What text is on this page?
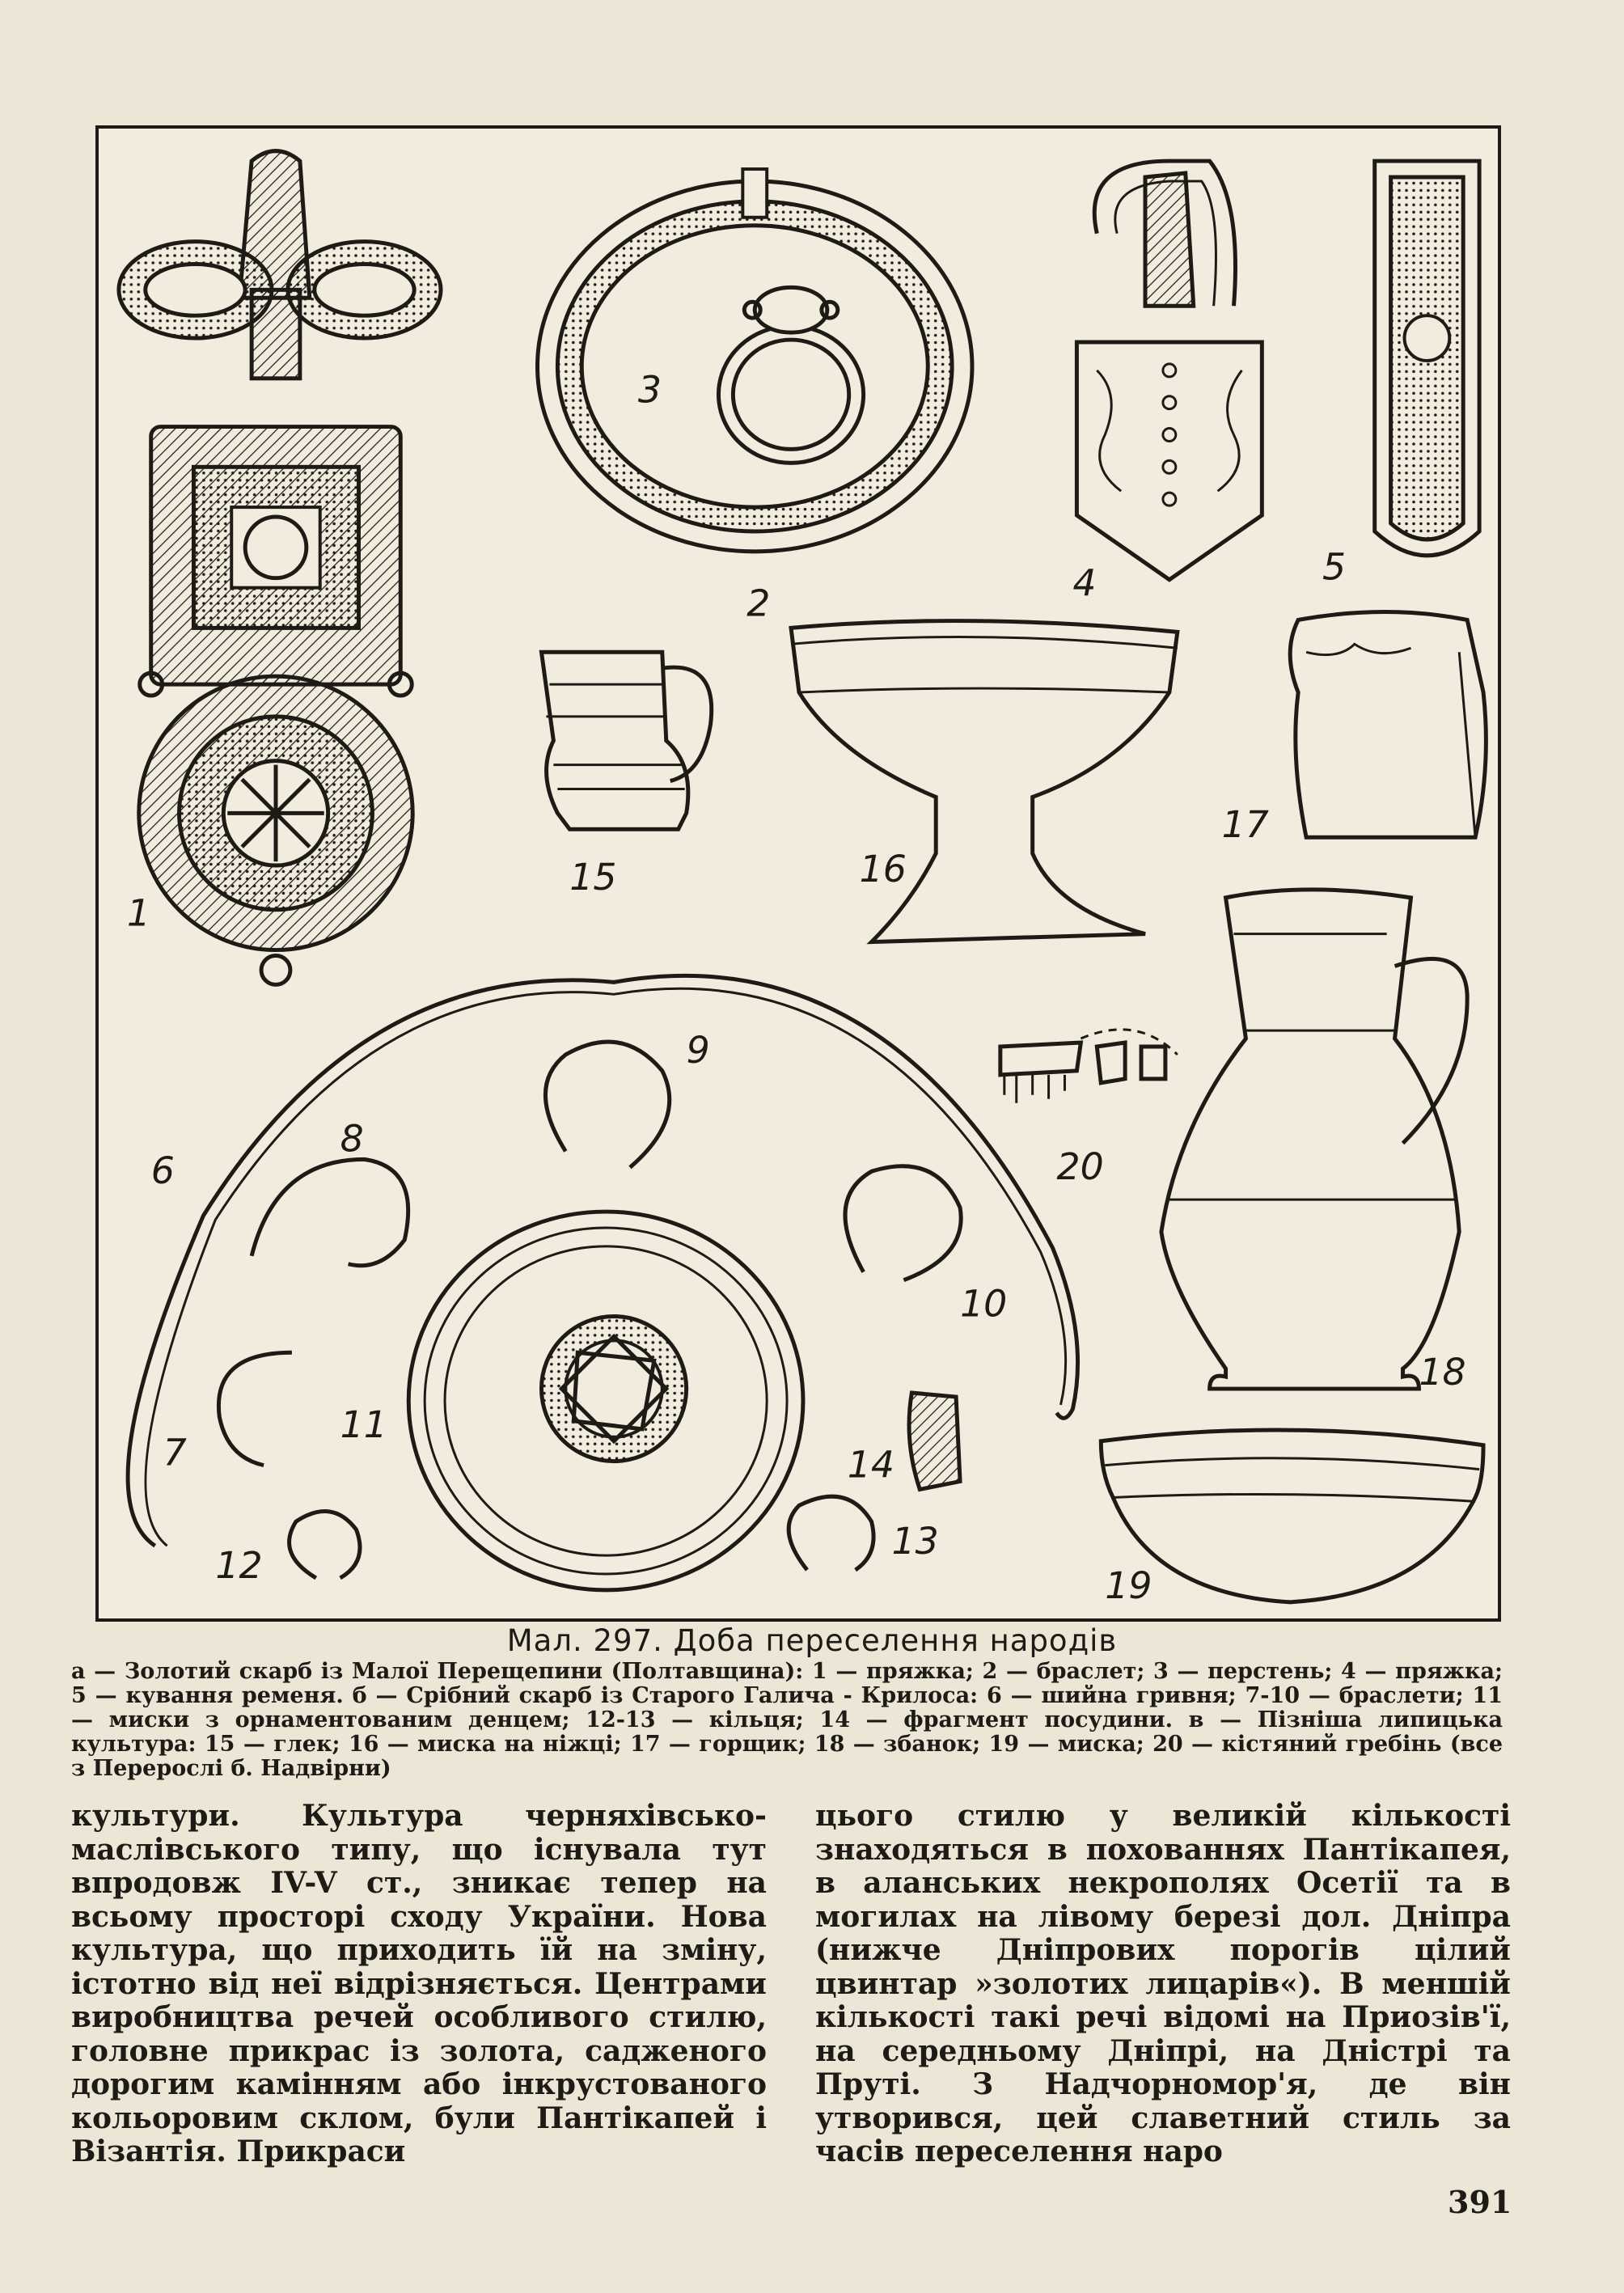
1
2
3
4	5
15	16
17
6
7
8
9
10
11
12
13
14
20
18
19
Мал. 297. Доба переселення народів
а — Золотий скарб із Малої Перещепини (Полтавщина): 1 — пряжка; 2 — браслет; 3 — перстень; 4 — пряжка; 5 — кування ременя. б — Срібний скарб із Старого Галича - Крилоса: 6 — шийна гривня; 7-10 — браслети; 11 — миски з орнаментованим денцем; 12-13 — кільця; 14 — фрагмент посудини. в — Пізніша липицька культура: 15 — глек; 16 — миска на ніжці; 17 — горщик; 18 — збанок; 19 — миска; 20 — кістяний гребінь (все з Перерослі б. Надвірни)
культури. Культура черняхівсько-маслівського типу, що існувала тут впродовж IV-V ст., зникає тепер на всьому просторі сходу України. Нова культура, що приходить їй на зміну, істотно від неї відрізняється. Центрами виробництва речей особливого стилю, головне прикрас із золота, садженого дорогим камінням або інкрустованого кольоровим склом, були Пантікапей і Візантія. Прикраси
цього стилю у великій кількості знаходяться в похованнях Пантікапея, в аланських некрополях Осетії та в могилах на лівому березі дол. Дніпра (нижче Дніпрових порогів цілий цвинтар »золотих лицарів«). В меншій кількості такі речі відомі на Приозів'ї, на середньому Дніпрі, на Дністрі та Пруті. З Надчорномор'я, де він утворився, цей славетний стиль за часів переселення наро
391
